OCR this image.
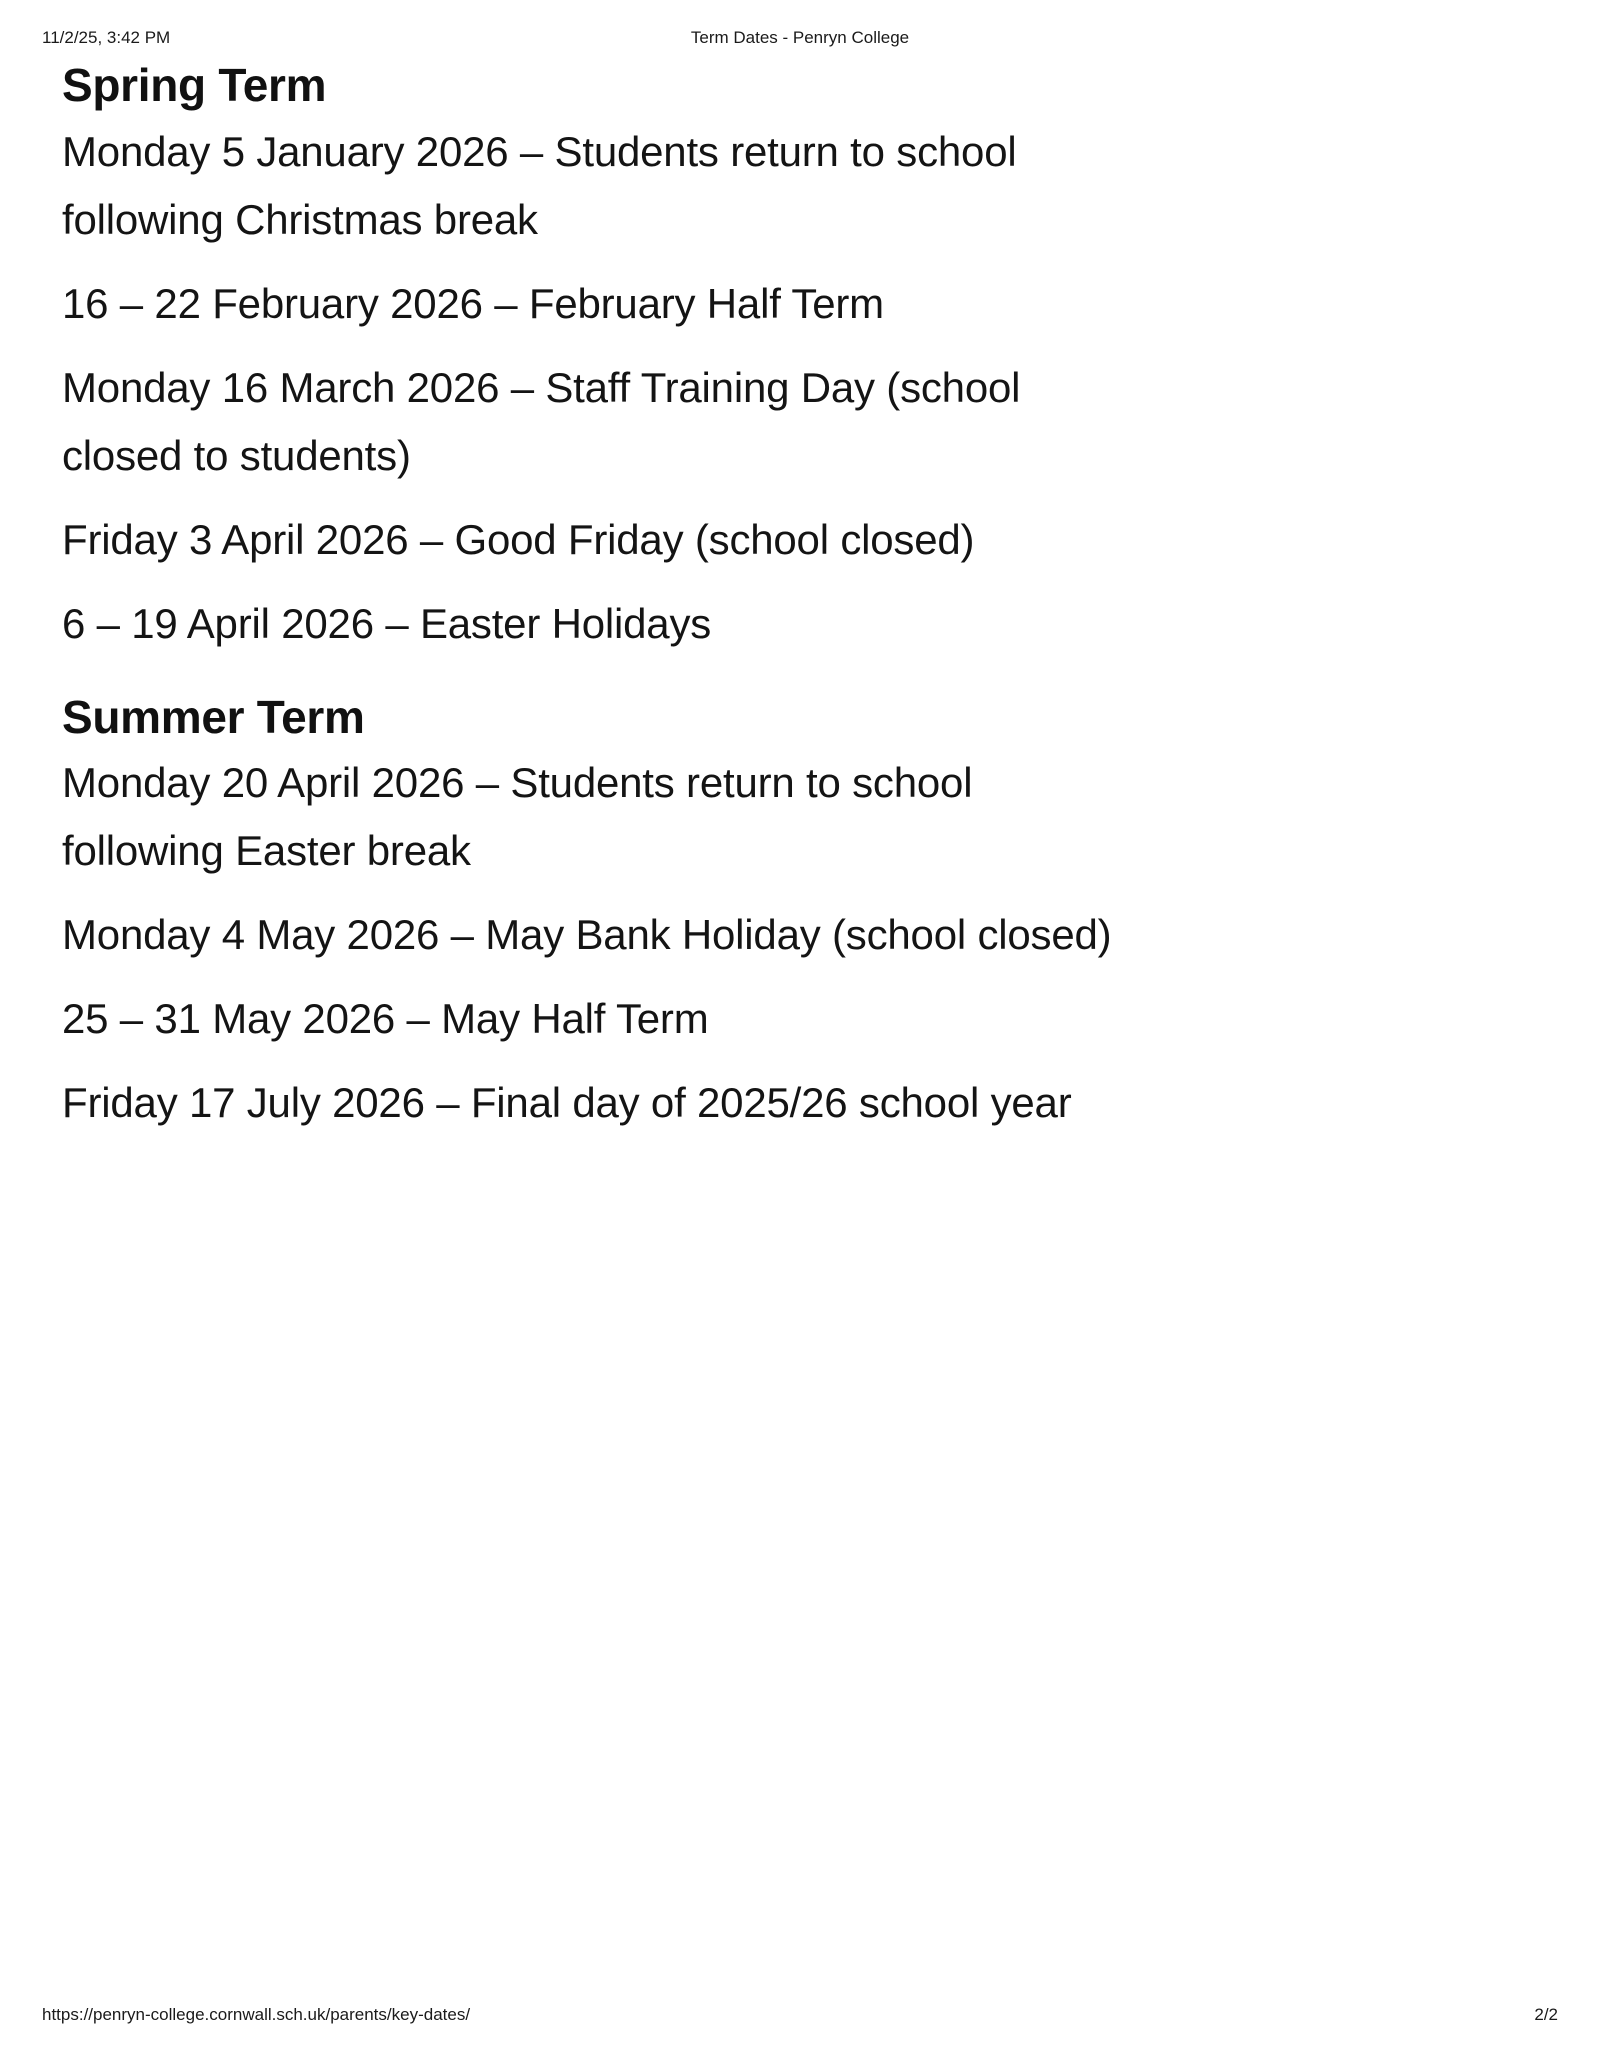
11/2/25, 3:42 PM	Term Dates - Penryn College
Spring Term

Monday 5 January 2026 – Students return to school following Christmas break

16 – 22 February 2026 – February Half Term

Monday 16 March 2026 – Staff Training Day (school closed to students)

Friday 3 April 2026 – Good Friday (school closed)

6 – 19 April 2026 – Easter Holidays

Summer Term

Monday 20 April 2026 – Students return to school following Easter break

Monday 4 May 2026 – May Bank Holiday (school closed)

25 – 31 May 2026 – May Half Term

Friday 17 July 2026 – Final day of 2025/26 school year

https://penryn-college.cornwall.sch.uk/parents/key-dates/	2/2
